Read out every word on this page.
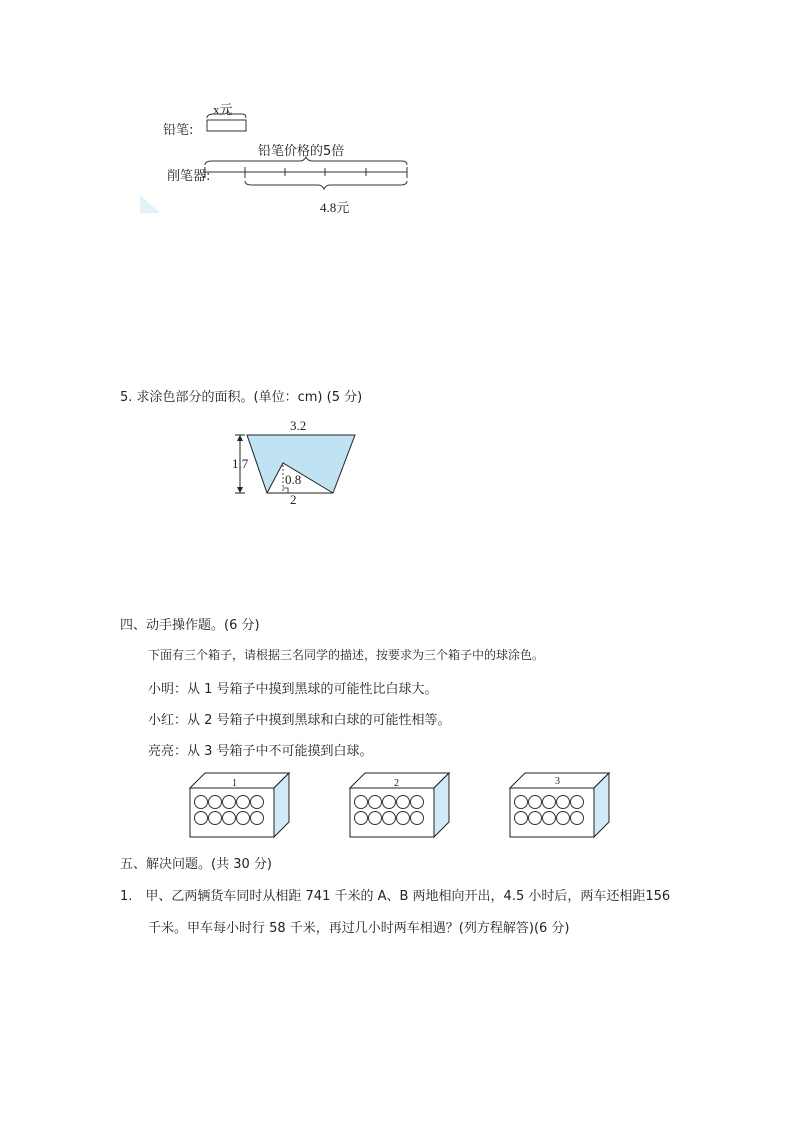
x元
铅笔:
铅笔价格的5倍
削笔器:
4.8元
5. 求涂色部分的面积。(单位：cm) (5 分)
3.2
1.7
0.8
2
四、动手操作题。(6 分)
下面有三个箱子，请根据三名同学的描述，按要求为三个箱子中的球涂色。
小明：从 1 号箱子中摸到黑球的可能性比白球大。
小红：从 2 号箱子中摸到黑球和白球的可能性相等。
亮亮：从 3 号箱子中不可能摸到白球。
1	2	3
五、解决问题。(共 30 分)
1.　甲、乙两辆货车同时从相距 741 千米的 A、B 两地相向开出，4.5 小时后，两车还相距156
千米。甲车每小时行 58 千米，再过几小时两车相遇？(列方程解答)(6 分)
